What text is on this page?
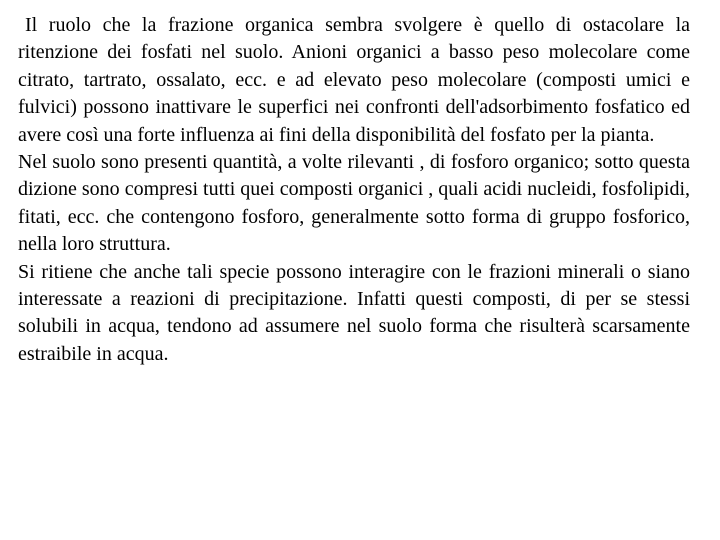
Il ruolo che la frazione organica sembra svolgere è quello di ostacolare la ritenzione dei fosfati nel suolo. Anioni organici a basso peso molecolare come citrato, tartrato, ossalato, ecc. e ad elevato peso molecolare (composti umici e fulvici) possono inattivare le superfici nei confronti dell'adsorbimento fosfatico ed avere così una forte influenza ai fini della disponibilità del fosfato per la pianta.

Nel suolo sono presenti quantità, a volte rilevanti , di fosforo organico; sotto questa dizione sono compresi tutti quei composti organici , quali acidi nucleidi, fosfolipidi, fitati, ecc. che contengono fosforo, generalmente sotto forma di gruppo fosforico, nella loro struttura.

Si ritiene che anche tali specie possono interagire con le frazioni minerali o siano interessate a reazioni di precipitazione. Infatti questi composti, di per se stessi solubili in acqua, tendono ad assumere nel suolo forma che risulterà scarsamente estraibile in acqua.
